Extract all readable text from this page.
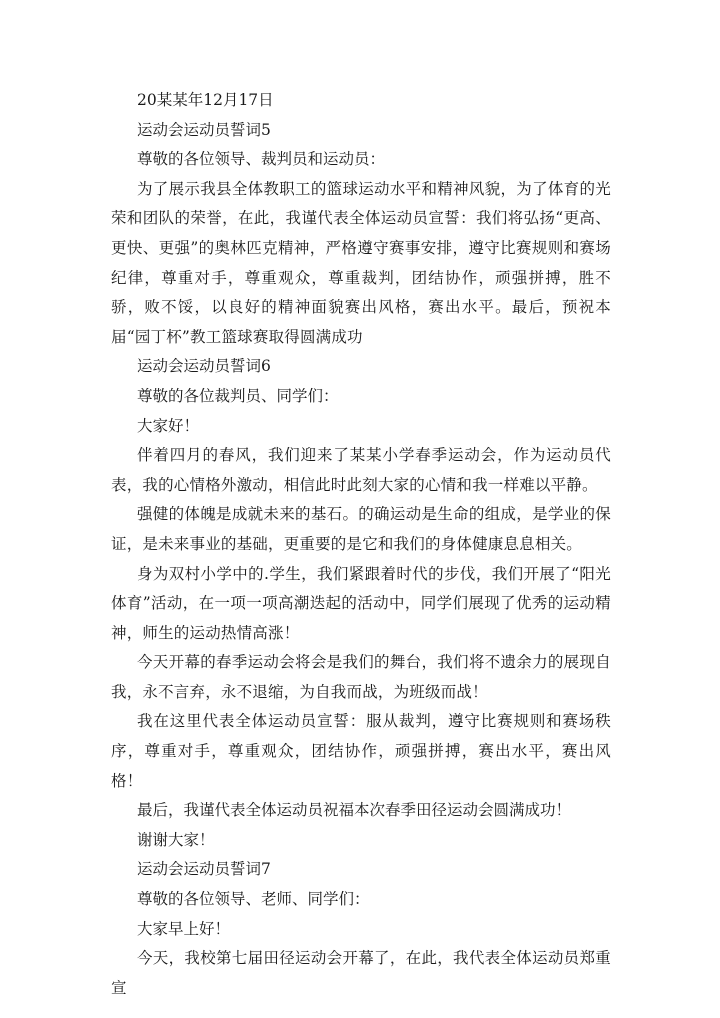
20某某年12月17日

运动会运动员誓词5

尊敬的各位领导、裁判员和运动员：

为了展示我县全体教职工的篮球运动水平和精神风貌，为了体育的光荣和团队的荣誉，在此，我谨代表全体运动员宣誓：我们将弘扬“更高、更快、更强”的奥林匹克精神，严格遵守赛事安排，遵守比赛规则和赛场纪律，尊重对手，尊重观众，尊重裁判，团结协作，顽强拼搏，胜不骄，败不馁，以良好的精神面貌赛出风格，赛出水平。最后，预祝本届“园丁杯”教工篮球赛取得圆满成功

运动会运动员誓词6

尊敬的各位裁判员、同学们：

大家好！

伴着四月的春风，我们迎来了某某小学春季运动会，作为运动员代表，我的心情格外激动，相信此时此刻大家的心情和我一样难以平静。

强健的体魄是成就未来的基石。的确运动是生命的组成，是学业的保证，是未来事业的基础，更重要的是它和我们的身体健康息息相关。

身为双村小学中的.学生，我们紧跟着时代的步伐，我们开展了“阳光体育”活动，在一项一项高潮迭起的活动中，同学们展现了优秀的运动精神，师生的运动热情高涨！

今天开幕的春季运动会将会是我们的舞台，我们将不遗余力的展现自我，永不言弃，永不退缩，为自我而战，为班级而战！

我在这里代表全体运动员宣誓：服从裁判，遵守比赛规则和赛场秩序，尊重对手，尊重观众，团结协作，顽强拼搏，赛出水平，赛出风格！

最后，我谨代表全体运动员祝福本次春季田径运动会圆满成功！

谢谢大家！

运动会运动员誓词7

尊敬的各位领导、老师、同学们：

大家早上好！

今天，我校第七届田径运动会开幕了，在此，我代表全体运动员郑重宣
